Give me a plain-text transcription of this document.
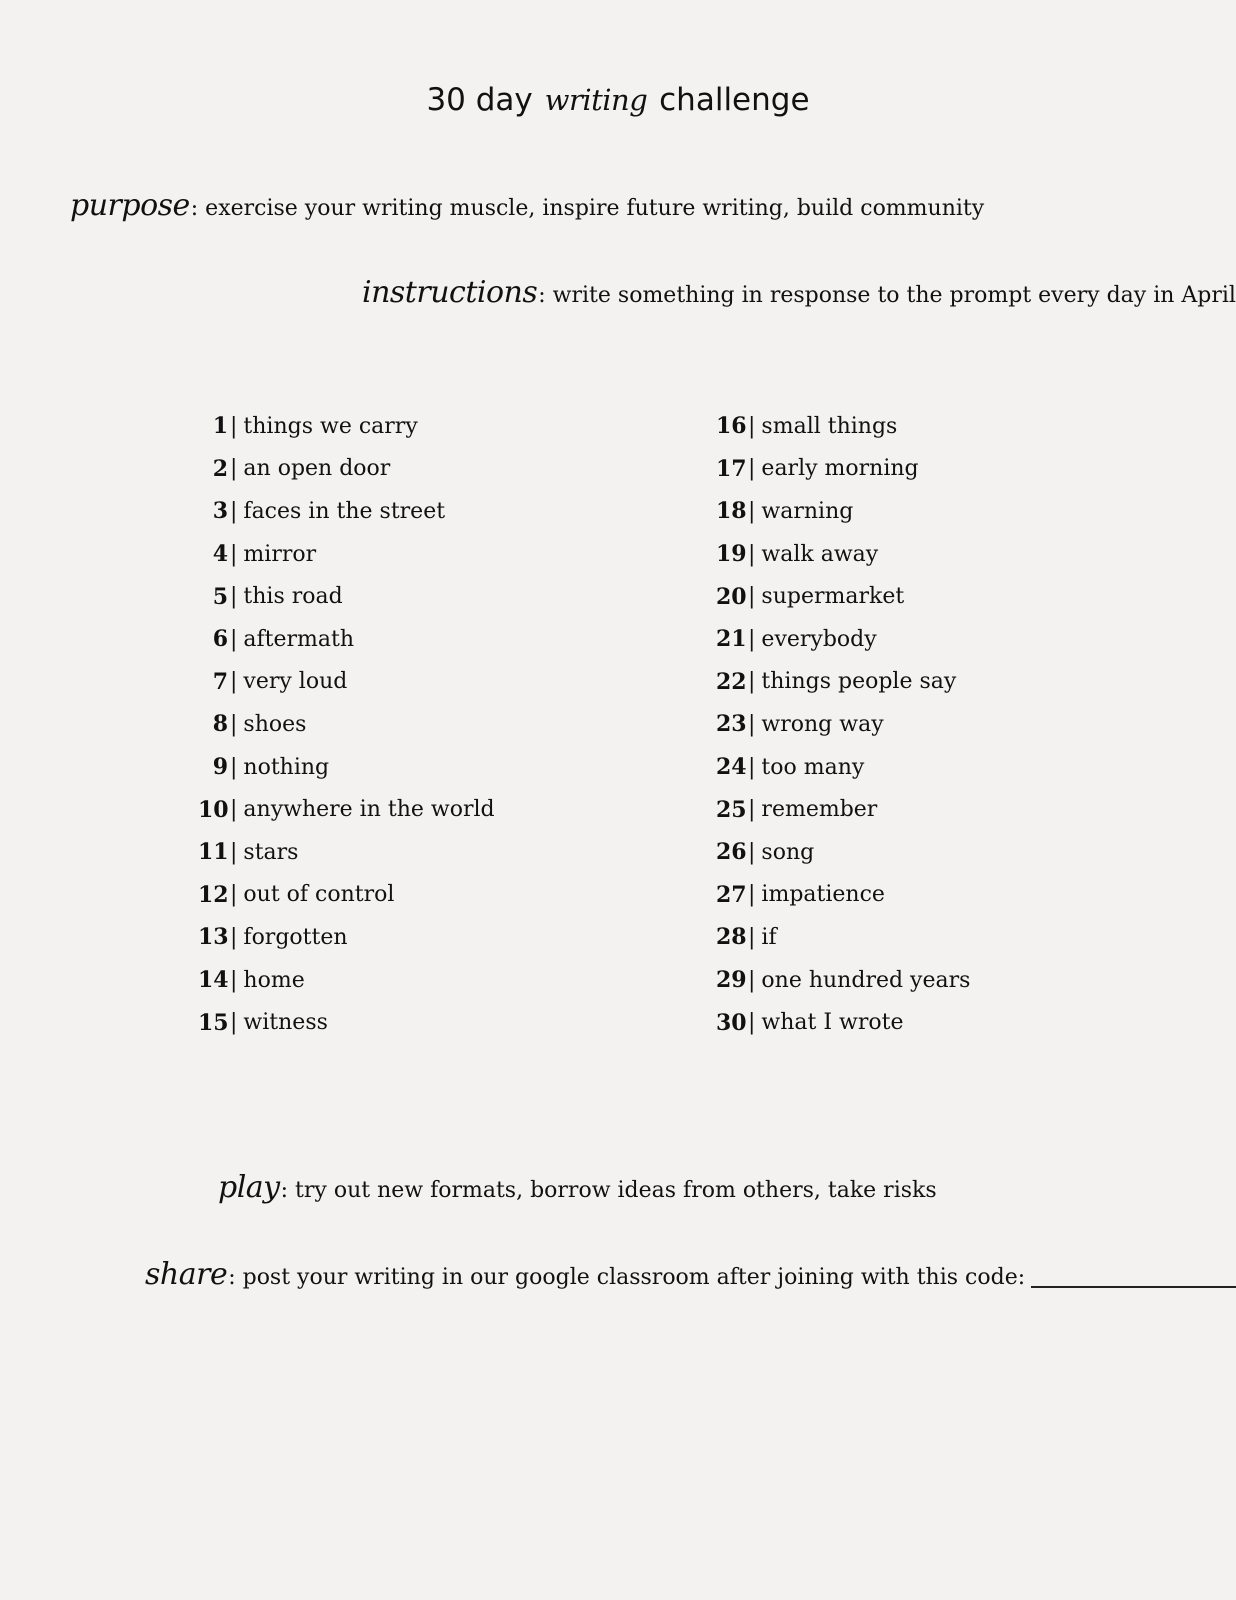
30 day writing challenge
purpose: exercise your writing muscle, inspire future writing, build community
instructions: write something in response to the prompt every day in April
1 | things we carry
2 | an open door
3 | faces in the street
4 | mirror
5 | this road
6 | aftermath
7 | very loud
8 | shoes
9 | nothing
10 | anywhere in the world
11 | stars
12 | out of control
13 | forgotten
14 | home
15 | witness
16 | small things
17 | early morning
18 | warning
19 | walk away
20 | supermarket
21 | everybody
22 | things people say
23 | wrong way
24 | too many
25 | remember
26 | song
27 | impatience
28 | if
29 | one hundred years
30 | what I wrote
play: try out new formats, borrow ideas from others, take risks
share: post your writing in our google classroom after joining with this code:
